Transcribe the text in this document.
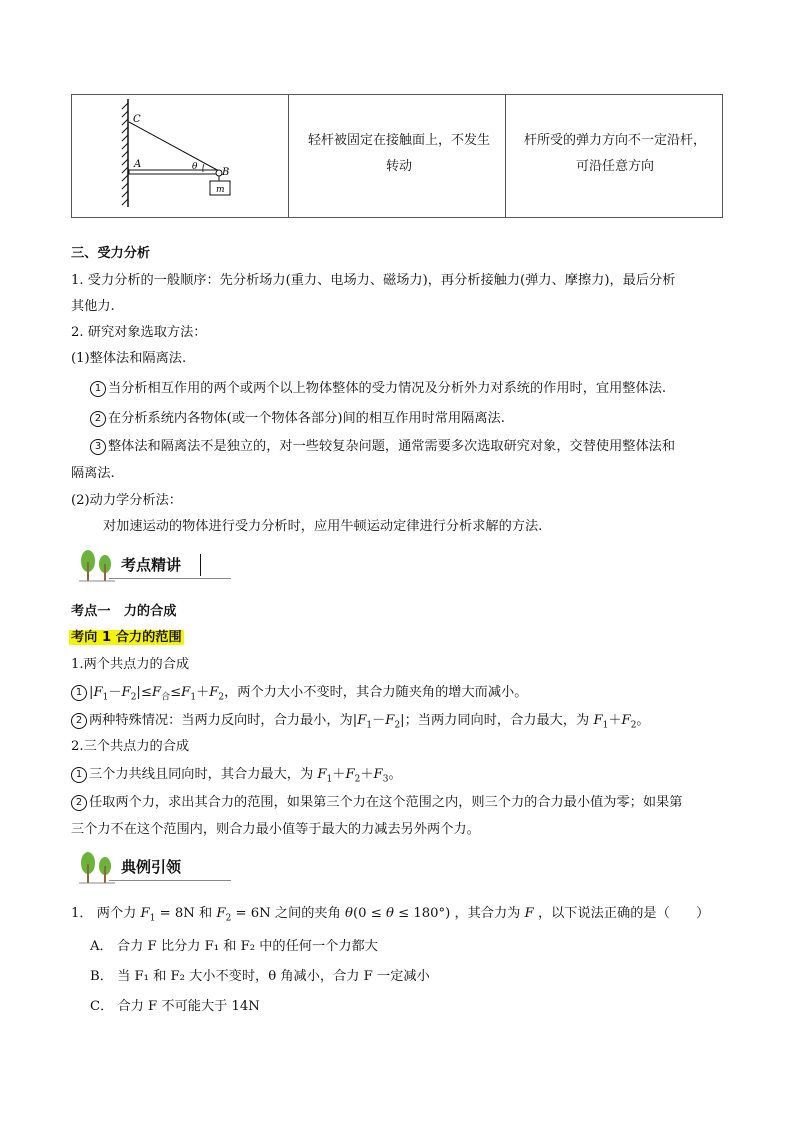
C
A
B
θ
m
轻杆被固定在接触面上，不发生
转动
杆所受的弹力方向不一定沿杆，
可沿任意方向
三、受力分析
1. 受力分析的一般顺序：先分析场力(重力、电场力、磁场力)，再分析接触力(弹力、摩擦力)，最后分析
其他力.
2. 研究对象选取方法：
(1)整体法和隔离法.
1 当分析相互作用的两个或两个以上物体整体的受力情况及分析外力对系统的作用时，宜用整体法.
2 在分析系统内各物体(或一个物体各部分)间的相互作用时常用隔离法.
3 整体法和隔离法不是独立的，对一些较复杂问题，通常需要多次选取研究对象，交替使用整体法和
隔离法.
(2)动力学分析法：
对加速运动的物体进行受力分析时，应用牛顿运动定律进行分析求解的方法.
考点精讲
考点一　力的合成
考向 1 合力的范围
1.两个共点力的合成
1 $|F_1-F_2|\le F_合\le F_1+F_2$，两个力大小不变时，其合力随夹角的增大而减小。
2 两种特殊情况：当两力反向时，合力最小，为$|F_1-F_2|$；当两力同向时，合力最大，为 $F_1+F_2$。
2.三个共点力的合成
1 三个力共线且同向时，其合力最大，为 $F_1+F_2+F_3$。
2 任取两个力，求出其合力的范围，如果第三个力在这个范围之内，则三个力的合力最小值为零；如果第
三个力不在这个范围内，则合力最小值等于最大的力减去另外两个力。
典例引领
1． 两个力 $F_1 = 8N$ 和 $F_2 = 6N$ 之间的夹角 θ(0 ≤ θ ≤ 180°) ，其合力为 F ，以下说法正确的是（　　）
A． 合力 F 比分力 F₁ 和 F₂ 中的任何一个力都大
B． 当 F₁ 和 F₂ 大小不变时，θ 角减小，合力 F 一定减小
C． 合力 F 不可能大于 14N
